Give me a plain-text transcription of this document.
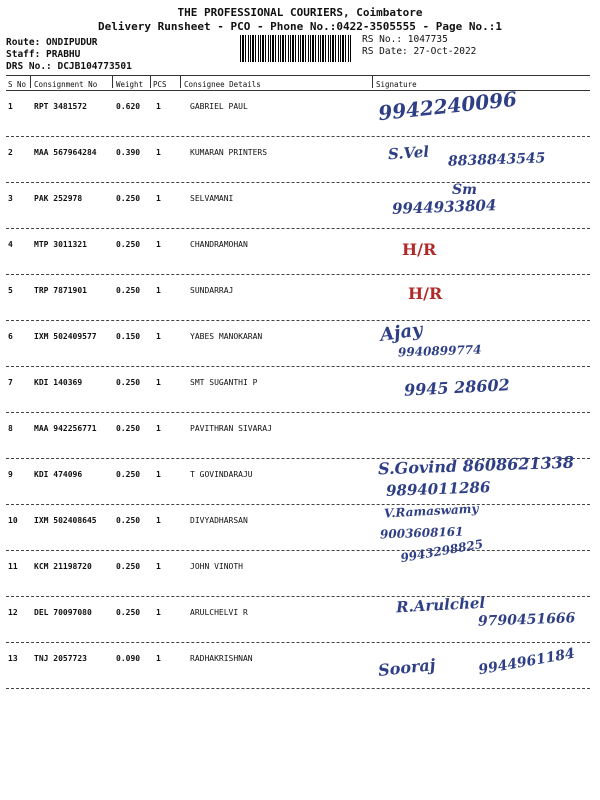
THE PROFESSIONAL COURIERS, Coimbatore
Delivery Runsheet - PCO - Phone No.:0422-3505555 - Page No.:1
Route: ONDIPUDUR
Staff: PRABHU
DRS No.: DCJB104773501
RS No.: 1047735
RS Date: 27-Oct-2022
S No Consignment No	Weight PCS Consignee Details	Signature
1	RPT 3481572	0.620 1	GABRIEL PAUL	9942240096
2	MAA 567964284 0.390 1	KUMARAN PRINTERS	S.Vel 8838843545
3	PAK 252978	0.250 1	SELVAMANI
Sm
9944933804
4	MTP 3011321	0.250 1	CHANDRAMOHAN	H/R
5	TRP 7871901	0.250 1	SUNDARRAJ	H/R
6	IXM 502409577 0.150 1	YABES MANOKARAN	Ajay
9940899774
7	KDI 140369	0.250 1	SMT SUGANTHI P	9945 28602
8	MAA 942256771 0.250 1	PAVITHRAN SIVARAJ
9	KDI 474096	0.250 1	T GOVINDARAJU	S.Govind 8608621338
9894011286
10 IXM 502408645 0.250 1	DIVYADHARSAN
V.Ramaswamy
9003608161
11 KCM 21198720	0.250 1	JOHN VINOTH
9943298825
12 DEL 70097080	0.250 1	ARULCHELVI R	R.Arulchel
9790451666
13 TNJ 2057723	0.090 1	RADHAKRISHNAN	Sooraj	9944961184
